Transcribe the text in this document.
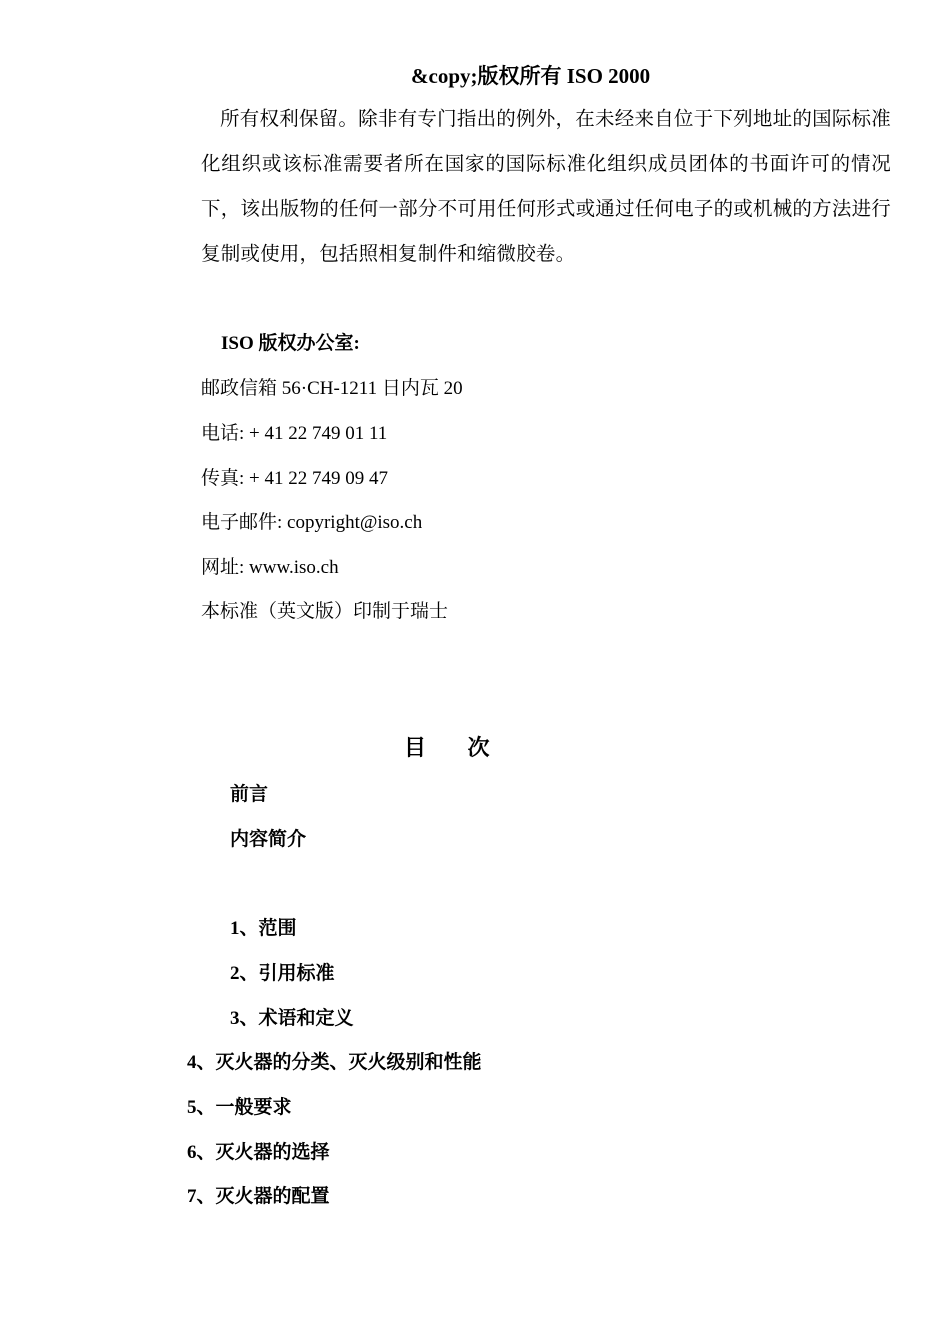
&copy;版权所有 ISO 2000
所有权利保留。除非有专门指出的例外，在未经来自位于下列地址的国际标准化组织或该标准需要者所在国家的国际标准化组织成员团体的书面许可的情况下，该出版物的任何一部分不可用任何形式或通过任何电子的或机械的方法进行复制或使用，包括照相复制件和缩微胶卷。
ISO 版权办公室:
邮政信箱 56·CH-1211 日内瓦 20
电话: + 41 22 749 01 11
传真: + 41 22 749 09 47
电子邮件: copyright@iso.ch
网址: www.iso.ch
本标准（英文版）印制于瑞士
目 次
前言
内容简介
1、范围
2、引用标准
3、术语和定义
4、灭火器的分类、灭火级别和性能
5、一般要求
6、灭火器的选择
7、灭火器的配置
